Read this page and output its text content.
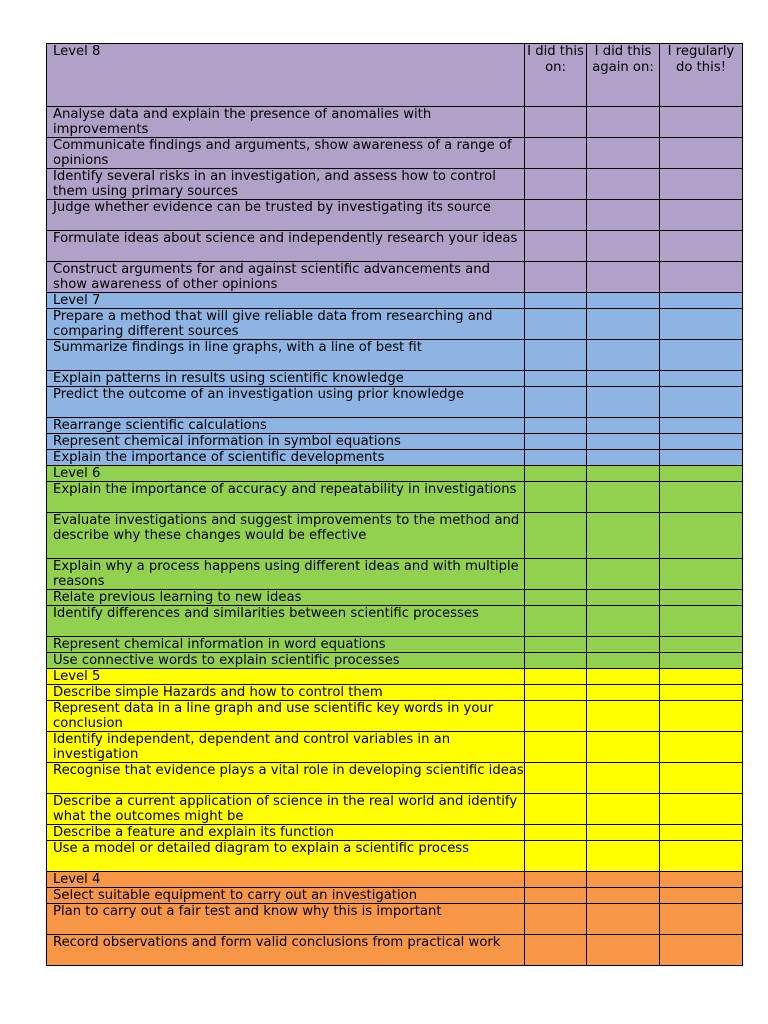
Level 8	I did this on:	I did this again on:	I regularly do this!
Analyse data and explain the presence of anomalies with improvements			
Communicate findings and arguments, show awareness of a range of opinions			
Identify several risks in an investigation, and assess how to control them using primary sources			
Judge whether evidence can be trusted by investigating its source			
Formulate ideas about science and independently research your ideas			
Construct arguments for and against scientific advancements and show awareness of other opinions			
Level 7			
Prepare a method that will give reliable data from researching and comparing different sources			
Summarize findings in line graphs, with a line of best fit			
Explain patterns in results using scientific knowledge			
Predict the outcome of an investigation using prior knowledge			
Rearrange scientific calculations			
Represent chemical information in symbol equations			
Explain the importance of scientific developments			
Level 6			
Explain the importance of accuracy and repeatability in investigations			
Evaluate investigations and suggest improvements to the method and describe why these changes would be effective			
Explain why a process happens using different ideas and with multiple reasons			
Relate previous learning to new ideas			
Identify differences and similarities between scientific processes			
Represent chemical information in word equations			
Use connective words to explain scientific processes			
Level 5			
Describe simple Hazards and how to control them			
Represent data in a line graph and use scientific key words in your conclusion			
Identify independent, dependent and control variables in an investigation			
Recognise that evidence plays a vital role in developing scientific ideas			
Describe a current application of science in the real world and identify what the outcomes might be			
Describe a feature and explain its function			
Use a model or detailed diagram to explain a scientific process			
Level 4			
Select suitable equipment to carry out an investigation			
Plan to carry out a fair test and know why this is important			
Record observations and form valid conclusions from practical work			
